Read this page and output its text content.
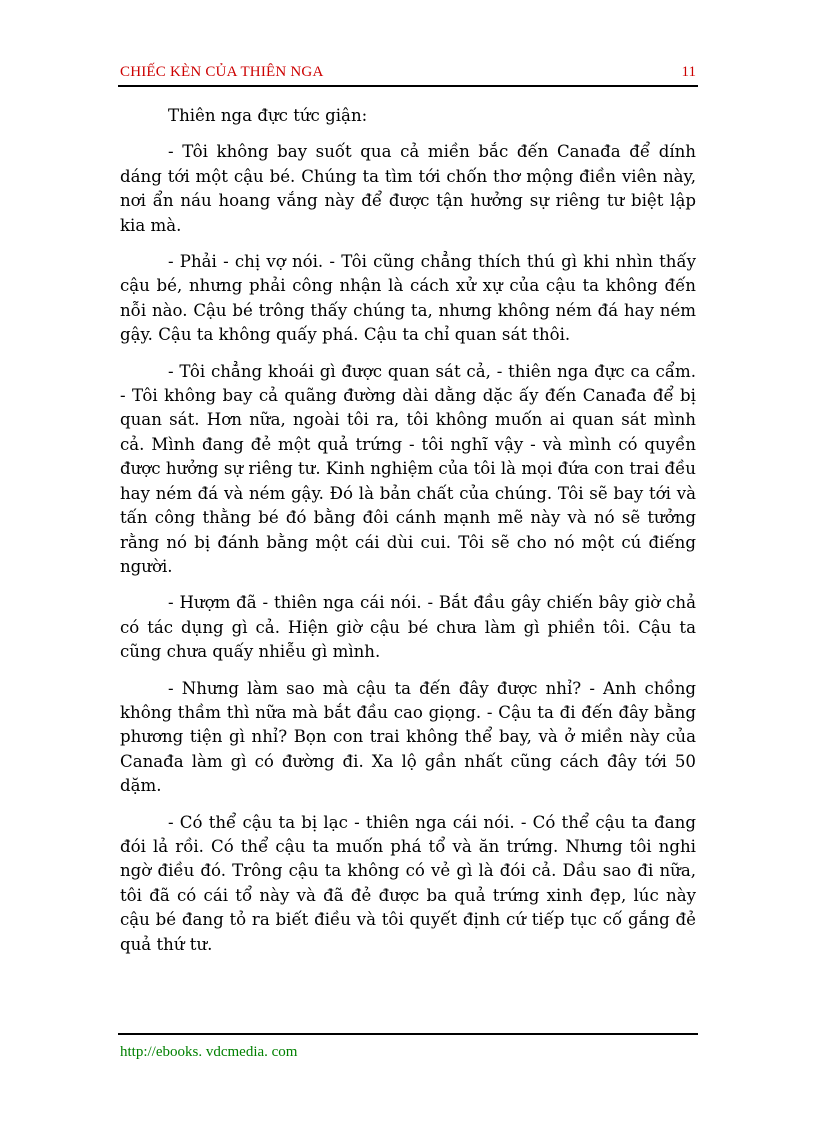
CHIẾC KÈN CỦA THIÊN NGA	11

Thiên nga đực tức giận:

- Tôi không bay suốt qua cả miền bắc đến Canađa để dính dáng tới một cậu bé. Chúng ta tìm tới chốn thơ mộng điền viên này, nơi ẩn náu hoang vắng này để được tận hưởng sự riêng tư biệt lập kia mà.

- Phải - chị vợ nói. - Tôi cũng chẳng thích thú gì khi nhìn thấy cậu bé, nhưng phải công nhận là cách xử xự của cậu ta không đến nỗi nào. Cậu bé trông thấy chúng ta, nhưng không ném đá hay ném gậy. Cậu ta không quấy phá. Cậu ta chỉ quan sát thôi.

- Tôi chẳng khoái gì được quan sát cả, - thiên nga đực ca cẩm. - Tôi không bay cả quãng đường dài dằng dặc ấy đến Canađa để bị quan sát. Hơn nữa, ngoài tôi ra, tôi không muốn ai quan sát mình cả. Mình đang đẻ một quả trứng - tôi nghĩ vậy - và mình có quyền được hưởng sự riêng tư. Kinh nghiệm của tôi là mọi đứa con trai đều hay ném đá và ném gậy. Đó là bản chất của chúng. Tôi sẽ bay tới và tấn công thằng bé đó bằng đôi cánh mạnh mẽ này và nó sẽ tưởng rằng nó bị đánh bằng một cái dùi cui. Tôi sẽ cho nó một cú điếng người.

- Hượm đã - thiên nga cái nói. - Bắt đầu gây chiến bây giờ chả có tác dụng gì cả. Hiện giờ cậu bé chưa làm gì phiền tôi. Cậu ta cũng chưa quấy nhiễu gì mình.

- Nhưng làm sao mà cậu ta đến đây được nhỉ? - Anh chồng không thầm thì nữa mà bắt đầu cao giọng. - Cậu ta đi đến đây bằng phương tiện gì nhỉ? Bọn con trai không thể bay, và ở miền này của Canađa làm gì có đường đi. Xa lộ gần nhất cũng cách đây tới 50 dặm.

- Có thể cậu ta bị lạc - thiên nga cái nói. - Có thể cậu ta đang đói lả rồi. Có thể cậu ta muốn phá tổ và ăn trứng. Nhưng tôi nghi ngờ điều đó. Trông cậu ta không có vẻ gì là đói cả. Dầu sao đi nữa, tôi đã có cái tổ này và đã đẻ được ba quả trứng xinh đẹp, lúc này cậu bé đang tỏ ra biết điều và tôi quyết định cứ tiếp tục cố gắng đẻ quả thứ tư.

http://ebooks. vdcmedia. com
